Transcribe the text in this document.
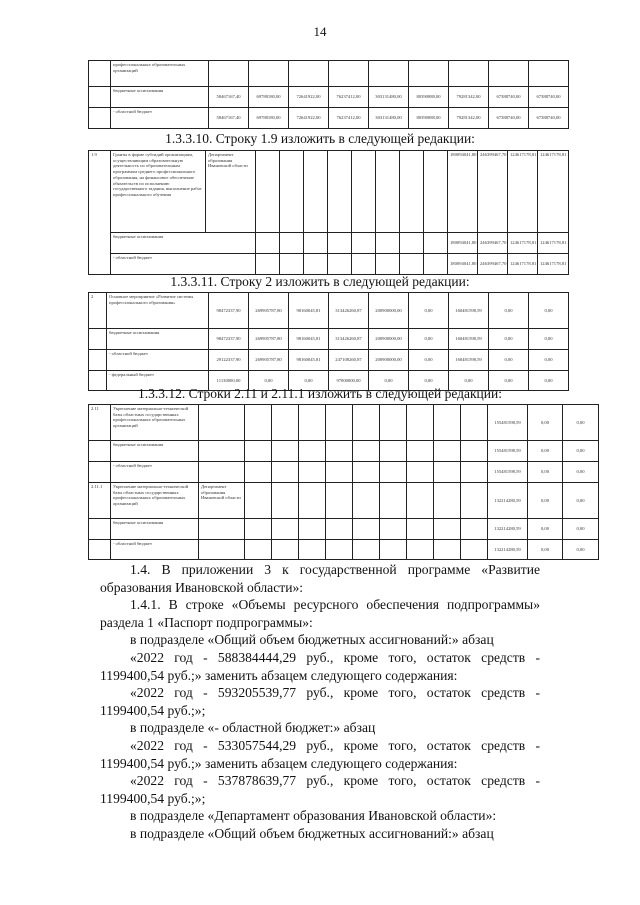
14
	профессиональных образовательных организаций									
	бюджетные ассигнования	58467167,40	69788180,00	72641922,00	76237412,00	303131480,00	80390088,00	79281342,00	67388740,00	67388740,00
	- областной бюджет	58467167,40	69788180,00	72641922,00	76237412,00	303131480,00	80390088,00	79281342,00	67388740,00	67388740,00
1.3.3.10. Строку 1.9 изложить в следующей редакции:
1.9	Гранты в форме субсидий организациям, осуществляющим образовательную деятельность по образовательным программам среднего профессионального образования, на финансовое обеспечение обязательств по исполнению государственного задания, выполнение работ профессионального обучения	Департамент образования Ивановской области									180094041,80	246399467,70	124617178,81	124617178,81
	бюджетные ассигнования										180094041,80	246399467,70	124617178,81	124617178,81
	- областной бюджет										180094041,80	246399467,70	124617178,81	124617178,81
1.3.3.11. Строку 2 изложить в следующей редакции:
2	Основное мероприятие «Развитие системы профессионального образования»	98472337,90	269905787,80	98160045,81	313426260,87	200900000,00	0,00	160481598,59	0,00	0,00
	бюджетные ассигнования	98472337,90	269905787,80	98160045,81	313426260,87	200900000,00	0,00	160481598,59	0,00	0,00
	- областной бюджет	29122337,90	269905787,80	98160045,81	247108260,87	200900000,00	0,00	160481598,59	0,00	0,00
	- федеральный бюджет	11130000,00	0,00	0,00	97000000,00	0,00	0,00	0,00	0,00	0,00
1.3.3.12. Строки 2.11 и 2.11.1 изложить в следующей редакции:
2.11	Укрепление материально-технической базы областных государственных профессиональных образовательных организаций											155481598,59	0,00	0,00
	бюджетные ассигнования											155481598,59	0,00	0,00
	- областной бюджет											155481598,59	0,00	0,00
2.11.1	Укрепление материально-технической базы областных государственных профессиональных образовательных организаций	Департамент образования Ивановской области										132214280,59	0,00	0,00
	бюджетные ассигнования											132214280,59	0,00	0,00
	- областной бюджет											132214280,59	0,00	0,00

1.4. В приложении 3 к государственной программе «Развитие образования Ивановской области»:

1.4.1. В строке «Объемы ресурсного обеспечения подпрограммы» раздела 1 «Паспорт подпрограммы»:

в подразделе «Общий объем бюджетных ассигнований:» абзац

«2022 год - 588384444,29 руб., кроме того, остаток средств - 1199400,54 руб.;» заменить абзацем следующего содержания:

«2022 год - 593205539,77 руб., кроме того, остаток средств - 1199400,54 руб.;»;

в подразделе «- областной бюджет:» абзац

«2022 год - 533057544,29 руб., кроме того, остаток средств - 1199400,54 руб.;» заменить абзацем следующего содержания:

«2022 год - 537878639,77 руб., кроме того, остаток средств - 1199400,54 руб.;»;

в подразделе «Департамент образования Ивановской области»:

в подразделе «Общий объем бюджетных ассигнований:» абзац
